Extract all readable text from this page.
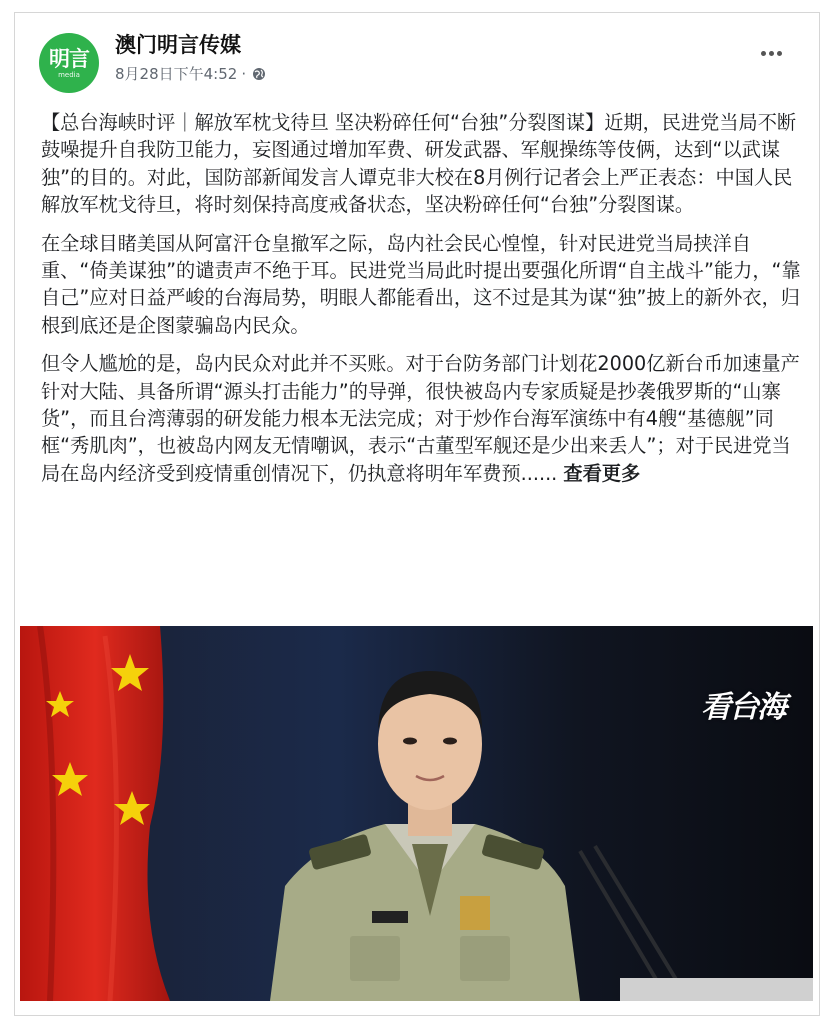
明言
media
澳门明言传媒
8月28日下午4:52 ·

【总台海峡时评｜解放军枕戈待旦 坚决粉碎任何“台独”分裂图谋】近期，民进党当局不断鼓噪提升自我防卫能力，妄图通过增加军费、研发武器、军舰操练等伎俩，达到“以武谋独”的目的。对此，国防部新闻发言人谭克非大校在8月例行记者会上严正表态：中国人民解放军枕戈待旦，将时刻保持高度戒备状态，坚决粉碎任何“台独”分裂图谋。

在全球目睹美国从阿富汗仓皇撤军之际，岛内社会民心惶惶，针对民进党当局挟洋自重、“倚美谋独”的谴责声不绝于耳。民进党当局此时提出要强化所谓“自主战斗”能力，“靠自己”应对日益严峻的台海局势，明眼人都能看出，这不过是其为谋“独”披上的新外衣，归根到底还是企图蒙骗岛内民众。

但令人尴尬的是，岛内民众对此并不买账。对于台防务部门计划花2000亿新台币加速量产针对大陆、具备所谓“源头打击能力”的导弹，很快被岛内专家质疑是抄袭俄罗斯的“山寨货”，而且台湾薄弱的研发能力根本无法完成；对于炒作台海军演练中有4艘“基德舰”同框“秀肌肉”，也被岛内网友无情嘲讽，表示“古董型军舰还是少出来丢人”；对于民进党当局在岛内经济受到疫情重创情况下，仍执意将明年军费预...... 查看更多

看台海
